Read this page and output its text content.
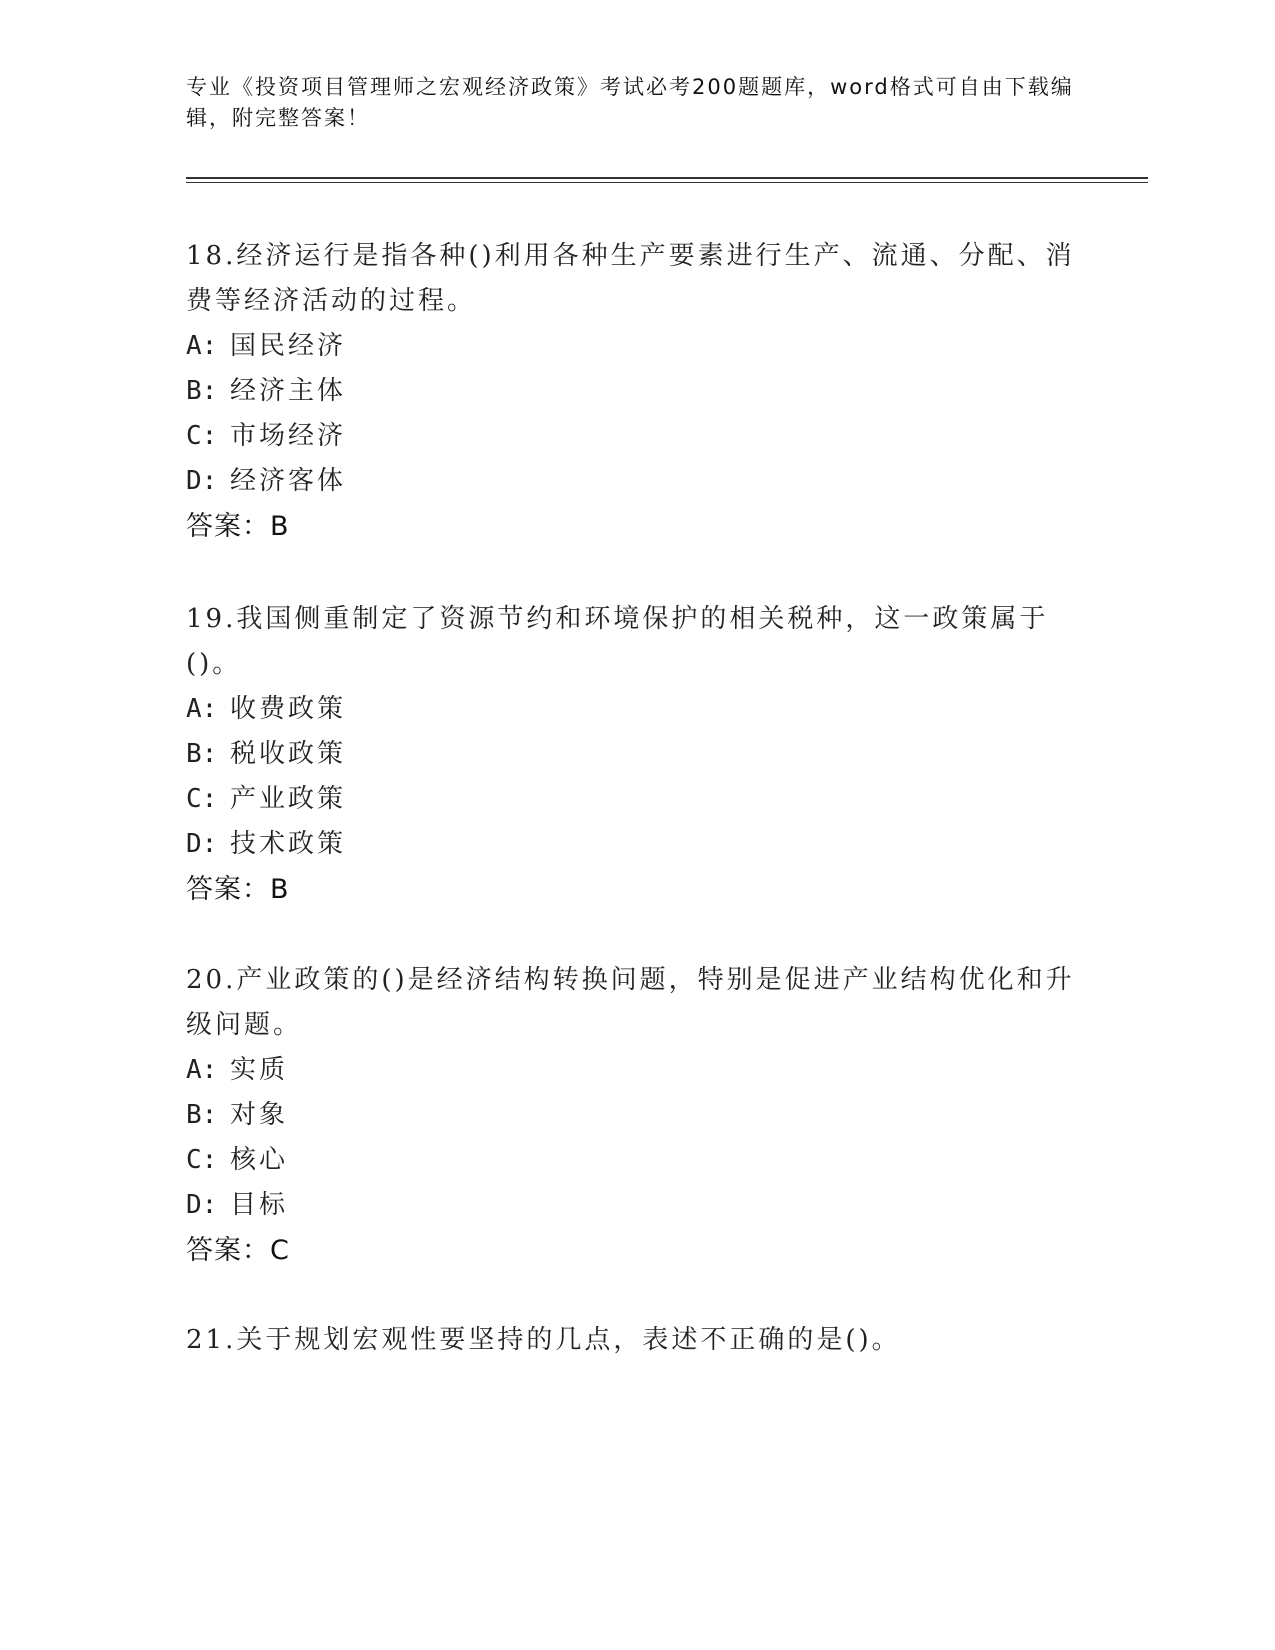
专业《投资项目管理师之宏观经济政策》考试必考200题题库，word格式可自由下载编辑，附完整答案！

18.经济运行是指各种()利用各种生产要素进行生产、流通、分配、消费等经济活动的过程。

A: 国民经济

B: 经济主体

C: 市场经济

D: 经济客体

答案：B

19.我国侧重制定了资源节约和环境保护的相关税种，这一政策属于()。

A: 收费政策

B: 税收政策

C: 产业政策

D: 技术政策

答案：B

20.产业政策的()是经济结构转换问题，特别是促进产业结构优化和升级问题。

A: 实质

B: 对象

C: 核心

D: 目标

答案：C

21.关于规划宏观性要坚持的几点，表述不正确的是()。
